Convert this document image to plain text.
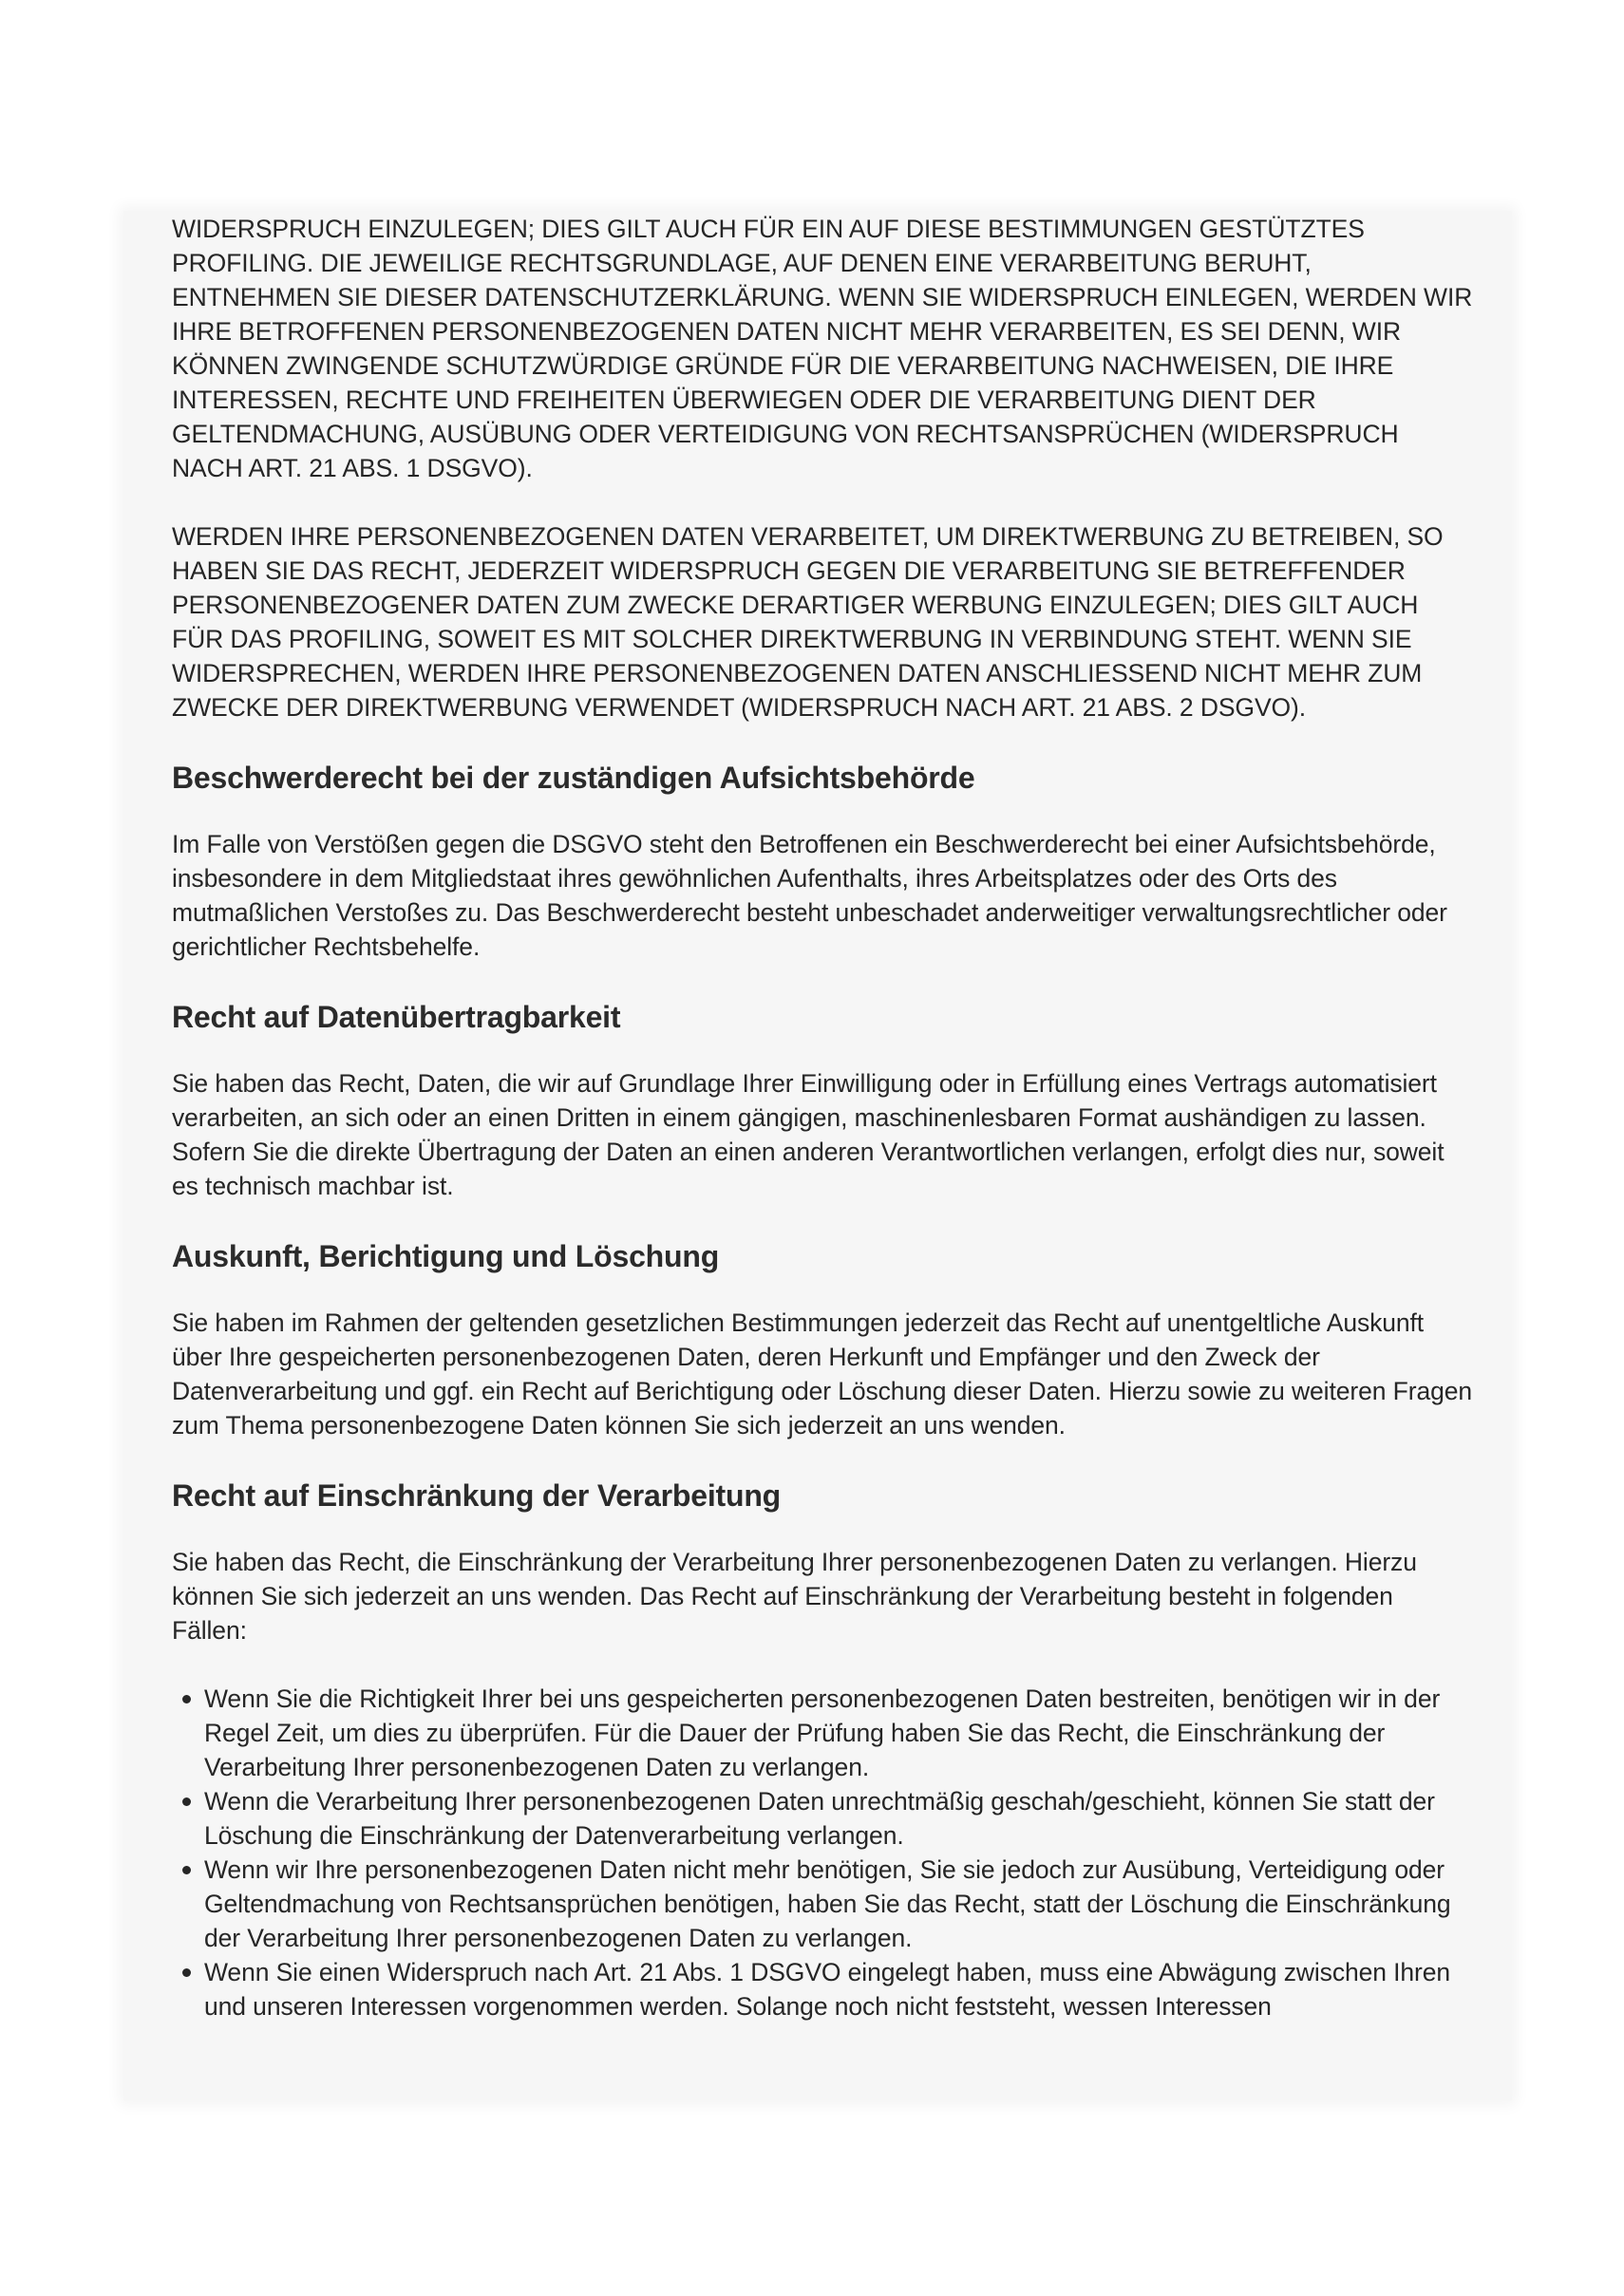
WIDERSPRUCH EINZULEGEN; DIES GILT AUCH FÜR EIN AUF DIESE BESTIMMUNGEN GESTÜTZTES PROFILING. DIE JEWEILIGE RECHTSGRUNDLAGE, AUF DENEN EINE VERARBEITUNG BERUHT, ENTNEHMEN SIE DIESER DATENSCHUTZERKLÄRUNG. WENN SIE WIDERSPRUCH EINLEGEN, WERDEN WIR IHRE BETROFFENEN PERSONENBEZOGENEN DATEN NICHT MEHR VERARBEITEN, ES SEI DENN, WIR KÖNNEN ZWINGENDE SCHUTZWÜRDIGE GRÜNDE FÜR DIE VERARBEITUNG NACHWEISEN, DIE IHRE INTERESSEN, RECHTE UND FREIHEITEN ÜBERWIEGEN ODER DIE VERARBEITUNG DIENT DER GELTENDMACHUNG, AUSÜBUNG ODER VERTEIDIGUNG VON RECHTSANSPRÜCHEN (WIDERSPRUCH NACH ART. 21 ABS. 1 DSGVO).

WERDEN IHRE PERSONENBEZOGENEN DATEN VERARBEITET, UM DIREKTWERBUNG ZU BETREIBEN, SO HABEN SIE DAS RECHT, JEDERZEIT WIDERSPRUCH GEGEN DIE VERARBEITUNG SIE BETREFFENDER PERSONENBEZOGENER DATEN ZUM ZWECKE DERARTIGER WERBUNG EINZULEGEN; DIES GILT AUCH FÜR DAS PROFILING, SOWEIT ES MIT SOLCHER DIREKTWERBUNG IN VERBINDUNG STEHT. WENN SIE WIDERSPRECHEN, WERDEN IHRE PERSONENBEZOGENEN DATEN ANSCHLIESSEND NICHT MEHR ZUM ZWECKE DER DIREKTWERBUNG VERWENDET (WIDERSPRUCH NACH ART. 21 ABS. 2 DSGVO).

Beschwerderecht bei der zuständigen Aufsichtsbehörde

Im Falle von Verstößen gegen die DSGVO steht den Betroffenen ein Beschwerderecht bei einer Aufsichtsbehörde, insbesondere in dem Mitgliedstaat ihres gewöhnlichen Aufenthalts, ihres Arbeitsplatzes oder des Orts des mutmaßlichen Verstoßes zu. Das Beschwerderecht besteht unbeschadet anderweitiger verwaltungsrechtlicher oder gerichtlicher Rechtsbehelfe.

Recht auf Datenübertragbarkeit

Sie haben das Recht, Daten, die wir auf Grundlage Ihrer Einwilligung oder in Erfüllung eines Vertrags automatisiert verarbeiten, an sich oder an einen Dritten in einem gängigen, maschinenlesbaren Format aushändigen zu lassen. Sofern Sie die direkte Übertragung der Daten an einen anderen Verantwortlichen verlangen, erfolgt dies nur, soweit es technisch machbar ist.

Auskunft, Berichtigung und Löschung

Sie haben im Rahmen der geltenden gesetzlichen Bestimmungen jederzeit das Recht auf unentgeltliche Auskunft über Ihre gespeicherten personenbezogenen Daten, deren Herkunft und Empfänger und den Zweck der Datenverarbeitung und ggf. ein Recht auf Berichtigung oder Löschung dieser Daten. Hierzu sowie zu weiteren Fragen zum Thema personenbezogene Daten können Sie sich jederzeit an uns wenden.

Recht auf Einschränkung der Verarbeitung

Sie haben das Recht, die Einschränkung der Verarbeitung Ihrer personenbezogenen Daten zu verlangen. Hierzu können Sie sich jederzeit an uns wenden. Das Recht auf Einschränkung der Verarbeitung besteht in folgenden Fällen:

Wenn Sie die Richtigkeit Ihrer bei uns gespeicherten personenbezogenen Daten bestreiten, benötigen wir in der Regel Zeit, um dies zu überprüfen. Für die Dauer der Prüfung haben Sie das Recht, die Einschränkung der Verarbeitung Ihrer personenbezogenen Daten zu verlangen.
Wenn die Verarbeitung Ihrer personenbezogenen Daten unrechtmäßig geschah/geschieht, können Sie statt der Löschung die Einschränkung der Datenverarbeitung verlangen.
Wenn wir Ihre personenbezogenen Daten nicht mehr benötigen, Sie sie jedoch zur Ausübung, Verteidigung oder Geltendmachung von Rechtsansprüchen benötigen, haben Sie das Recht, statt der Löschung die Einschränkung der Verarbeitung Ihrer personenbezogenen Daten zu verlangen.
Wenn Sie einen Widerspruch nach Art. 21 Abs. 1 DSGVO eingelegt haben, muss eine Abwägung zwischen Ihren und unseren Interessen vorgenommen werden. Solange noch nicht feststeht, wessen Interessen
